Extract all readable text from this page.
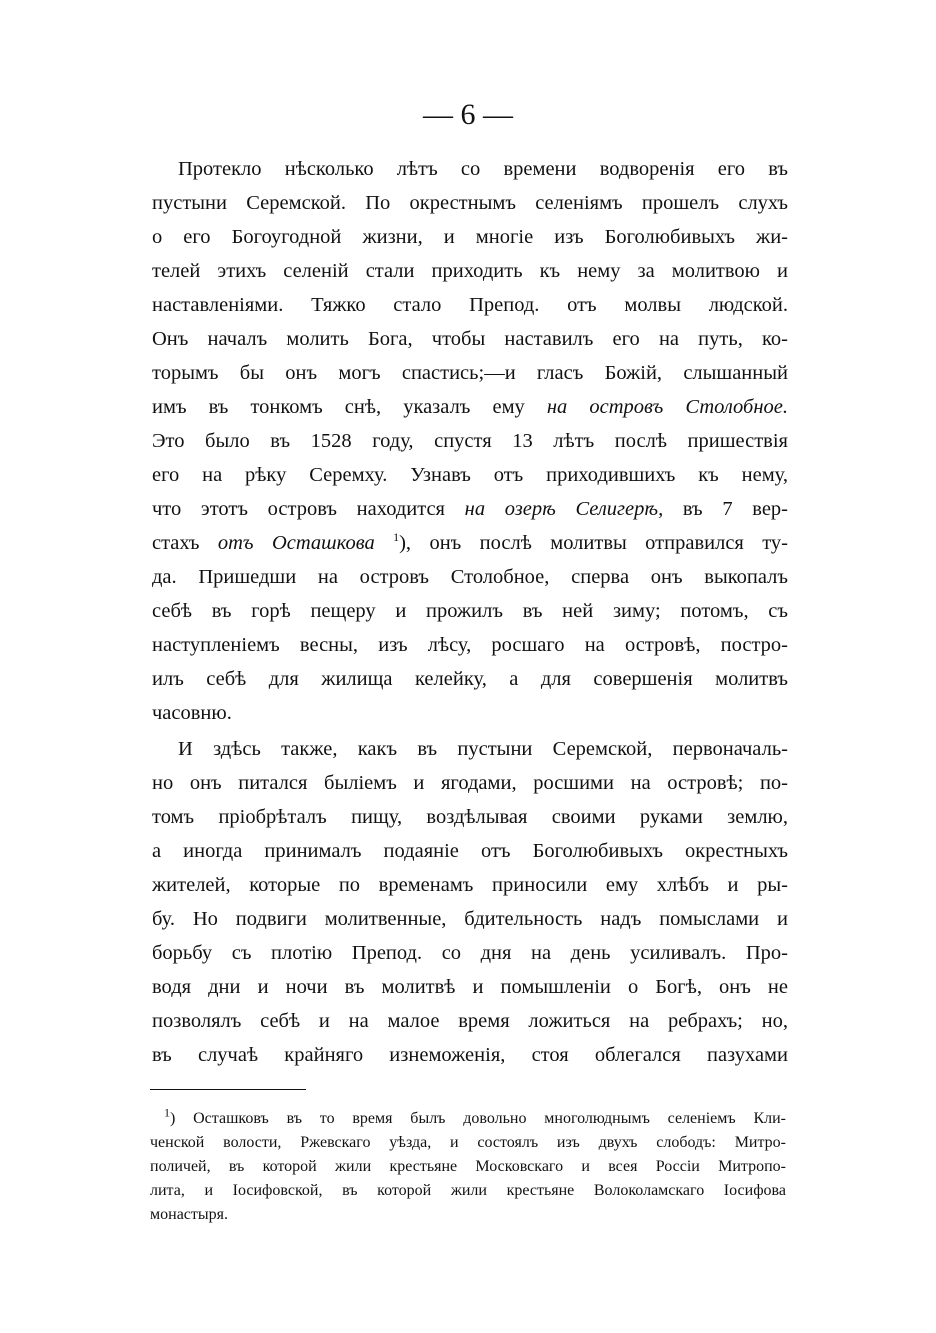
— 6 —
Протекло нѣсколько лѣтъ со времени водворенія его въ
пустыни Серемской. По окрестнымъ селеніямъ прошелъ слухъ
о его Богоугодной жизни, и многіе изъ Боголюбивыхъ жи-
телей этихъ селеній стали приходить къ нему за молитвою и
наставленіями. Тяжко стало Препод. отъ молвы людской.
Онъ началъ молить Бога, чтобы наставилъ его на путь, ко-
торымъ бы онъ могъ спастись;—и гласъ Божій, слышанный
имъ въ тонкомъ снѣ, указалъ ему на островъ Столобное.
Это было въ 1528 году, спустя 13 лѣтъ послѣ пришествія
его на рѣку Серемху. Узнавъ отъ приходившихъ къ нему,
что этотъ островъ находится на озерѣ Селигерѣ, въ 7 вер-
стахъ отъ Осташкова $^1$), онъ послѣ молитвы отправился ту-
да. Пришедши на островъ Столобное, сперва онъ выкопалъ
себѣ въ горѣ пещеру и прожилъ въ ней зиму; потомъ, съ
наступленіемъ весны, изъ лѣсу, росшаго на островѣ, постро-
илъ себѣ для жилища келейку, а для совершенія молитвъ
часовню.
И здѣсь также, какъ въ пустыни Серемской, первоначаль-
но онъ питался быліемъ и ягодами, росшими на островѣ; по-
томъ пріобрѣталъ пищу, воздѣлывая своими руками землю,
а иногда принималъ подаяніе отъ Боголюбивыхъ окрестныхъ
жителей, которые по временамъ приносили ему хлѣбъ и ры-
бу. Но подвиги молитвенные, бдительность надъ помыслами и
борьбу съ плотію Препод. со дня на день усиливалъ. Про-
водя дни и ночи въ молитвѣ и помышленіи о Богѣ, онъ не
позволялъ себѣ и на малое время ложиться на ребрахъ; но,
въ случаѣ крайняго изнеможенія, стоя облегался пазухами
$^1$) Осташковъ въ то время былъ довольно многолюднымъ селеніемъ Кли-
ченской волости, Ржевскаго уѣзда, и состоялъ изъ двухъ слободъ: Митро-
поличей, въ которой жили крестьяне Московскаго и всея Россіи Митропо-
лита, и Іосифовской, въ которой жили крестьяне Волоколамскаго Іосифова
монастыря.
